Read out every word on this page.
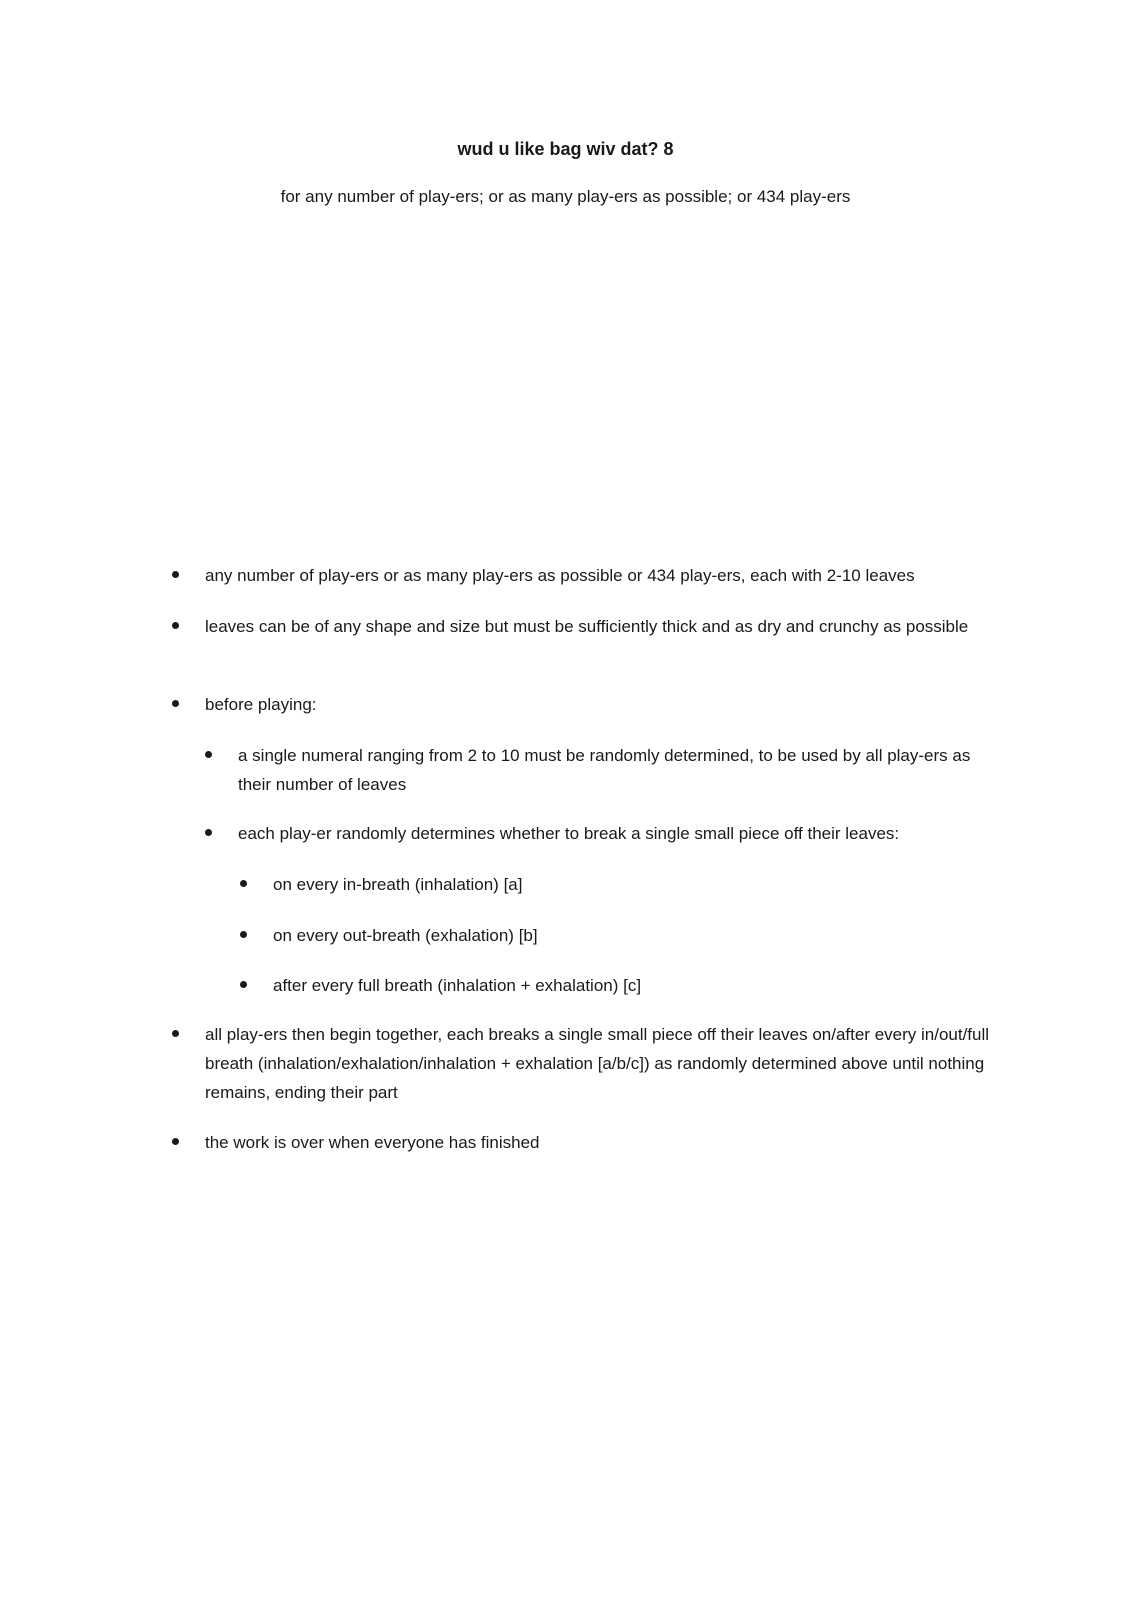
wud u like bag wiv dat? 8

for any number of play-ers; or as many play-ers as possible; or 434 play-ers

any number of play-ers or as many play-ers as possible or 434 play-ers, each with 2-10 leaves

leaves can be of any shape and size but must be sufficiently thick and as dry and crunchy as possible

before playing:

a single numeral ranging from 2 to 10 must be randomly determined, to be used by all play-ers as their number of leaves

each play-er randomly determines whether to break a single small piece off their leaves:

on every in-breath (inhalation) [a]

on every out-breath (exhalation) [b]

after every full breath (inhalation + exhalation) [c]

all play-ers then begin together, each breaks a single small piece off their leaves on/after every in/out/full breath (inhalation/exhalation/inhalation + exhalation [a/b/c]) as randomly determined above until nothing remains, ending their part

the work is over when everyone has finished
